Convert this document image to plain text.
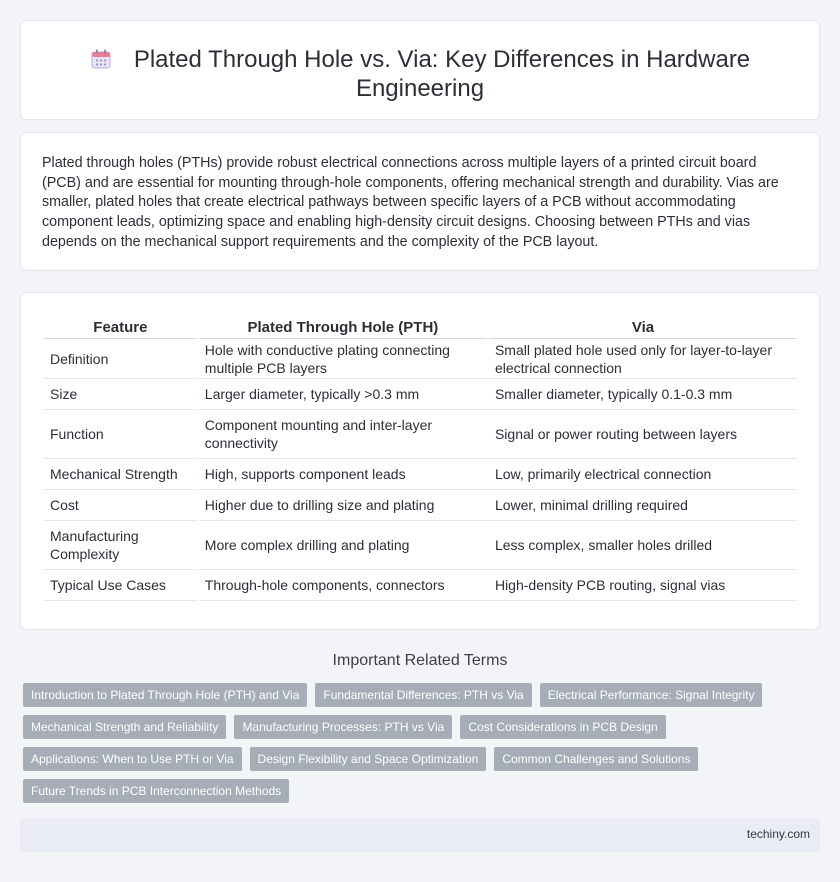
Plated Through Hole vs. Via: Key Differences in Hardware Engineering

Plated through holes (PTHs) provide robust electrical connections across multiple layers of a printed circuit board (PCB) and are essential for mounting through-hole components, offering mechanical strength and durability. Vias are smaller, plated holes that create electrical pathways between specific layers of a PCB without accommodating component leads, optimizing space and enabling high-density circuit designs. Choosing between PTHs and vias depends on the mechanical support requirements and the complexity of the PCB layout.

Feature	Plated Through Hole (PTH)	Via
Definition	Hole with conductive plating connecting multiple PCB layers	Small plated hole used only for layer-to-layer electrical connection
Size	Larger diameter, typically >0.3 mm	Smaller diameter, typically 0.1-0.3 mm
Function	Component mounting and inter-layer connectivity	Signal or power routing between layers
Mechanical Strength	High, supports component leads	Low, primarily electrical connection
Cost	Higher due to drilling size and plating	Lower, minimal drilling required
Manufacturing Complexity	More complex drilling and plating	Less complex, smaller holes drilled
Typical Use Cases	Through-hole components, connectors	High-density PCB routing, signal vias
Important Related Terms
Introduction to Plated Through Hole (PTH) and Via	Fundamental Differences: PTH vs Via	Electrical Performance: Signal Integrity
Mechanical Strength and Reliability	Manufacturing Processes: PTH vs Via	Cost Considerations in PCB Design
Applications: When to Use PTH or Via	Design Flexibility and Space Optimization	Common Challenges and Solutions
Future Trends in PCB Interconnection Methods
techiny.com
